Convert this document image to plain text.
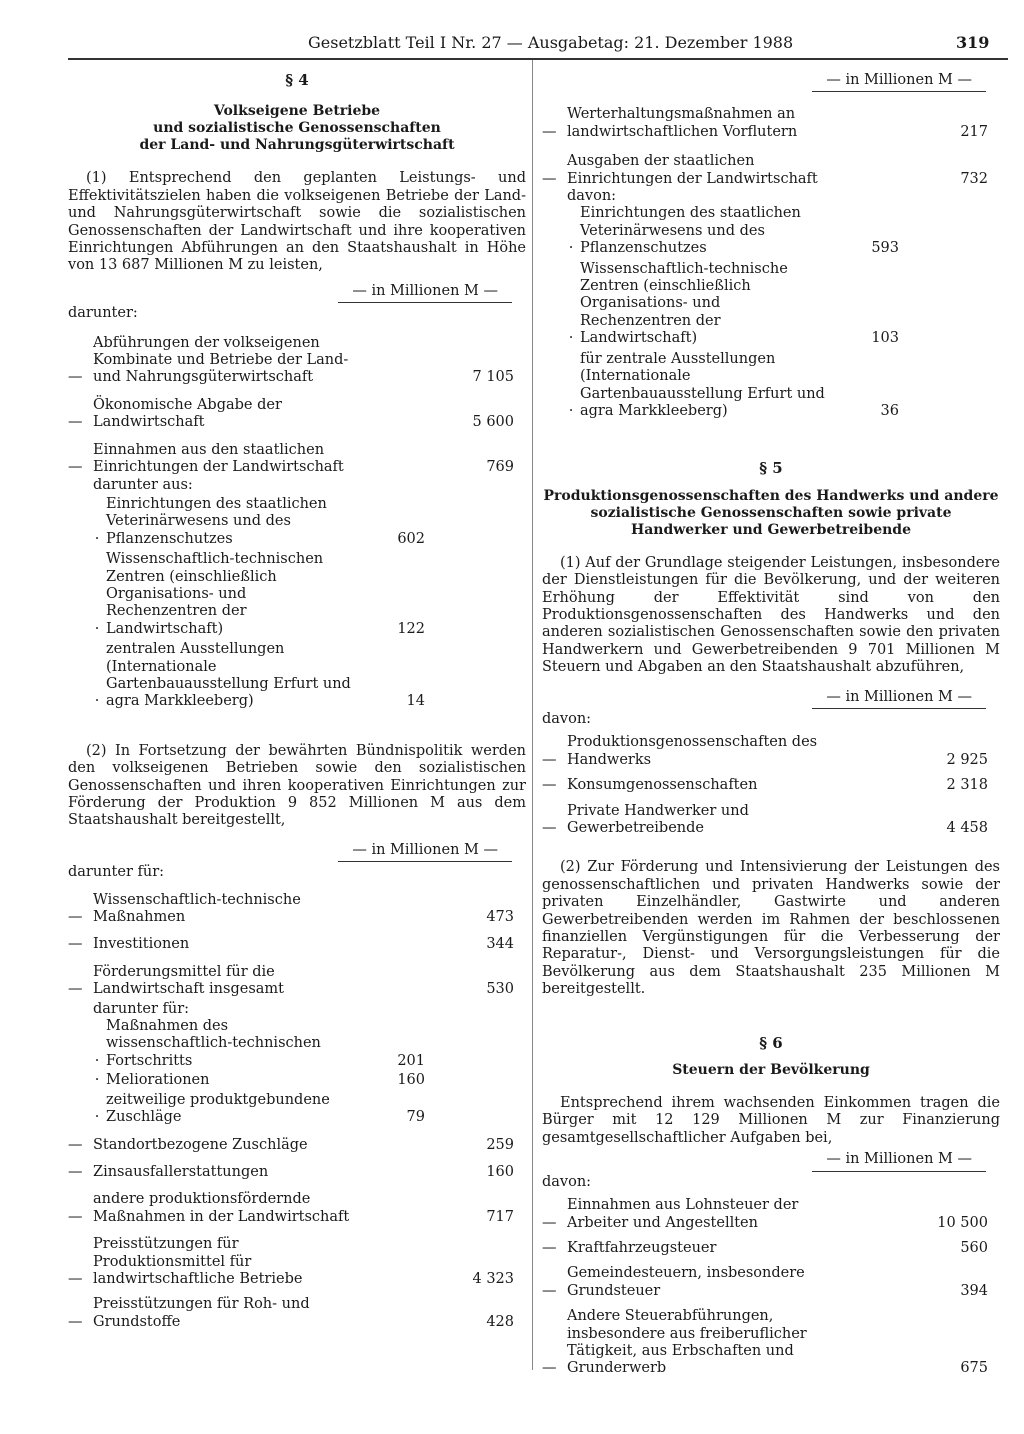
Gesetzblatt Teil I Nr. 27 — Ausgabetag: 21. Dezember 1988	319
§ 4
Volkseigene Betriebe
und sozialistische Genossenschaften
der Land- und Nahrungsgüterwirtschaft

(1) Entsprechend den geplanten Leistungs- und Effektivitätszielen haben die volkseigenen Betriebe der Land- und Nahrungsgüterwirtschaft sowie die sozialistischen Genossenschaften der Landwirtschaft und ihre kooperativen Einrichtungen Abführungen an den Staatshaushalt in Höhe von 13 687 Millionen M zu leisten,

— in Millionen M —
darunter:
—
Abführungen der volkseigenen Kombinate und Betriebe der Land- und Nahrungsgüterwirtschaft	7 105
—
Ökonomische Abgabe der Landwirtschaft	5 600
—
Einnahmen aus den staatlichen Einrichtungen der Landwirtschaft	769
darunter aus:
·
Einrichtungen des staatlichen Veterinärwesens und des Pflanzenschutzes	602
·
Wissenschaftlich-technischen Zentren (einschließlich Organisations- und Rechenzentren der Landwirtschaft)	122
·
zentralen Ausstellungen (Internationale Gartenbauausstellung Erfurt und agra Markkleeberg)	14

(2) In Fortsetzung der bewährten Bündnispolitik werden den volkseigenen Betrieben sowie den sozialistischen Genossenschaften und ihren kooperativen Einrichtungen zur Förderung der Produktion 9 852 Millionen M aus dem Staatshaushalt bereitgestellt,

— in Millionen M —
darunter für:
—
Wissenschaftlich-technische Maßnahmen	473
— Investitionen	344
—
Förderungsmittel für die Landwirtschaft insgesamt	530
darunter für:
·
Maßnahmen des wissenschaftlich-technischen Fortschritts	201
· Meliorationen	160
·
zeitweilige produktgebundene Zuschläge	79
— Standortbezogene Zuschläge	259
— Zinsausfallerstattungen	160
—
andere produktionsfördernde Maßnahmen in der Landwirtschaft	717
—
Preisstützungen für Produktionsmittel für landwirtschaftliche Betriebe	4 323
—
Preisstützungen für Roh- und Grundstoffe	428
— in Millionen M —
—
Werterhaltungsmaßnahmen an landwirtschaftlichen Vorflutern	217
—
Ausgaben der staatlichen Einrichtungen der Landwirtschaft	732
davon:
·
Einrichtungen des staatlichen Veterinärwesens und des Pflanzenschutzes	593
·
Wissenschaftlich-technische Zentren (einschließlich Organisations- und Rechenzentren der Landwirtschaft)	103
·
für zentrale Ausstellungen (Internationale Gartenbauausstellung Erfurt und agra Markkleeberg)	36
§ 5
Produktionsgenossenschaften des Handwerks und andere
sozialistische Genossenschaften sowie private
Handwerker und Gewerbetreibende

(1) Auf der Grundlage steigender Leistungen, insbesondere der Dienstleistungen für die Bevölkerung, und der weiteren Erhöhung der Effektivität sind von den Produktionsgenossenschaften des Handwerks und den anderen sozialistischen Genossenschaften sowie den privaten Handwerkern und Gewerbetreibenden 9 701 Millionen M Steuern und Abgaben an den Staatshaushalt abzuführen,

— in Millionen M —
davon:
—
Produktionsgenossenschaften des Handwerks	2 925
— Konsumgenossenschaften	2 318
—
Private Handwerker und Gewerbetreibende	4 458

(2) Zur Förderung und Intensivierung der Leistungen des genossenschaftlichen und privaten Handwerks sowie der privaten Einzelhändler, Gastwirte und anderen Gewerbetreibenden werden im Rahmen der beschlossenen finanziellen Vergünstigungen für die Verbesserung der Reparatur-, Dienst- und Versorgungsleistungen für die Bevölkerung aus dem Staatshaushalt 235 Millionen M bereitgestellt.

§ 6
Steuern der Bevölkerung

Entsprechend ihrem wachsenden Einkommen tragen die Bürger mit 12 129 Millionen M zur Finanzierung gesamtgesellschaftlicher Aufgaben bei,

— in Millionen M —
davon:
—
Einnahmen aus Lohnsteuer der Arbeiter und Angestellten	10 500
— Kraftfahrzeugsteuer	560
—
Gemeindesteuern, insbesondere Grundsteuer	394
—
Andere Steuerabführungen, insbesondere aus freiberuflicher Tätigkeit, aus Erbschaften und Grunderwerb	675
